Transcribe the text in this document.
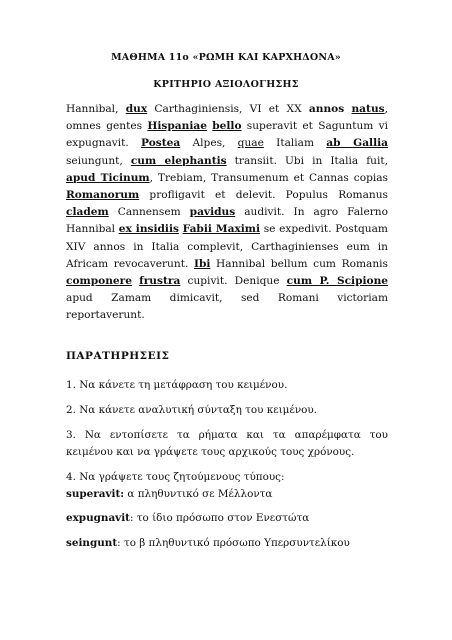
ΜΑΘΗΜΑ 11ο «ΡΩΜΗ ΚΑΙ ΚΑΡΧΗΔΟΝΑ»
ΚΡΙΤΗΡΙΟ ΑΞΙΟΛΟΓΗΣΗΣ
Hannibal, dux Carthaginiensis, VI et XX annos natus, omnes gentes Hispaniae bello superavit et Saguntum vi expugnavit. Postea Alpes, quae Italiam ab Gallia seiungunt, cum elephantis transiit. Ubi in Italia fuit, apud Ticinum, Trebiam, Transumenum et Cannas copias Romanorum profligavit et delevit. Populus Romanus cladem Cannensem pavidus audivit. In agro Falerno Hannibal ex insidiis Fabii Maximi se expedivit. Postquam XIV annos in Italia complevit, Carthaginienses eum in Africam revocaverunt. Ibi Hannibal bellum cum Romanis componere frustra cupivit. Denique cum P. Scipione apud Zamam dimicavit, sed Romani victoriam reportaverunt.
ΠΑΡΑΤΗΡΗΣΕΙΣ
1. Να κάνετε τη μετάφραση του κειμένου.
2. Να κάνετε αναλυτική σύνταξη του κειμένου.
3. Να εντοπίσετε τα ρήματα και τα απαρέμφατα του κειμένου και να γράψετε τους αρχικούς τους χρόνους.
4. Να γράψετε τους ζητούμενους τύπους:
superavit: α πληθυντικό σε Μέλλοντα
expugnavit: το ίδιο πρόσωπο στον Ενεστώτα
seingunt: το β πληθυντικό πρόσωπο Υπερσυντελίκου
